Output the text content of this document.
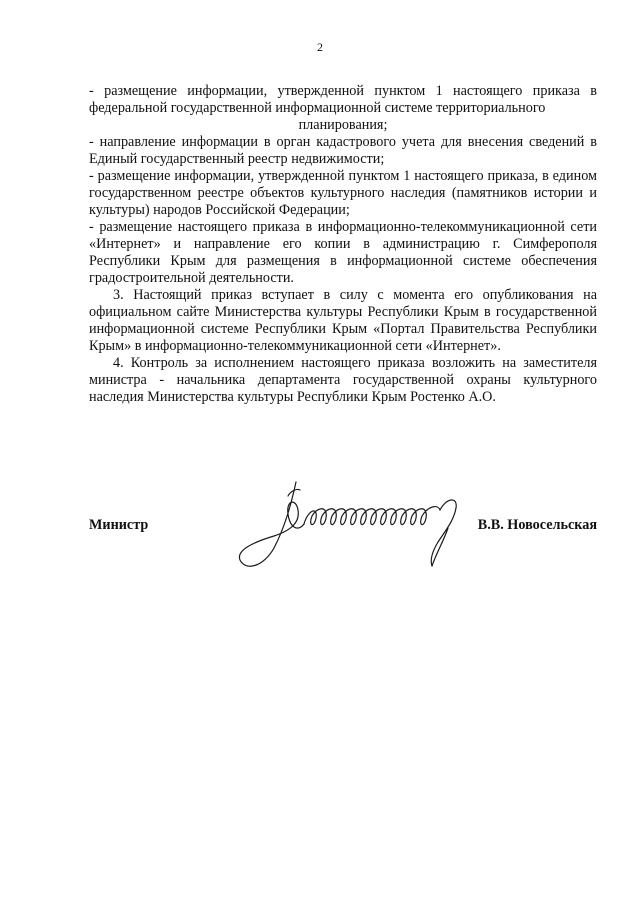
2

- размещение информации, утвержденной пунктом 1 настоящего приказа в федеральной государственной информационной системе территориального

планирования;

- направление информации в орган кадастрового учета для внесения сведений в Единый государственный реестр недвижимости;

- размещение информации, утвержденной пунктом 1 настоящего приказа, в едином государственном реестре объектов культурного наследия (памятников истории и культуры) народов Российской Федерации;

- размещение настоящего приказа в информационно-телекоммуникационной сети «Интернет» и направление его копии в администрацию г. Симферополя Республики Крым для размещения в информационной системе обеспечения градостроительной деятельности.

3. Настоящий приказ вступает в силу с момента его опубликования на официальном сайте Министерства культуры Республики Крым в государственной информационной системе Республики Крым «Портал Правительства Республики Крым» в информационно-телекоммуникационной сети «Интернет».

4. Контроль за исполнением настоящего приказа возложить на заместителя министра - начальника департамента государственной охраны культурного наследия Министерства культуры Республики Крым Ростенко А.О.

Министр	В.В. Новосельская
